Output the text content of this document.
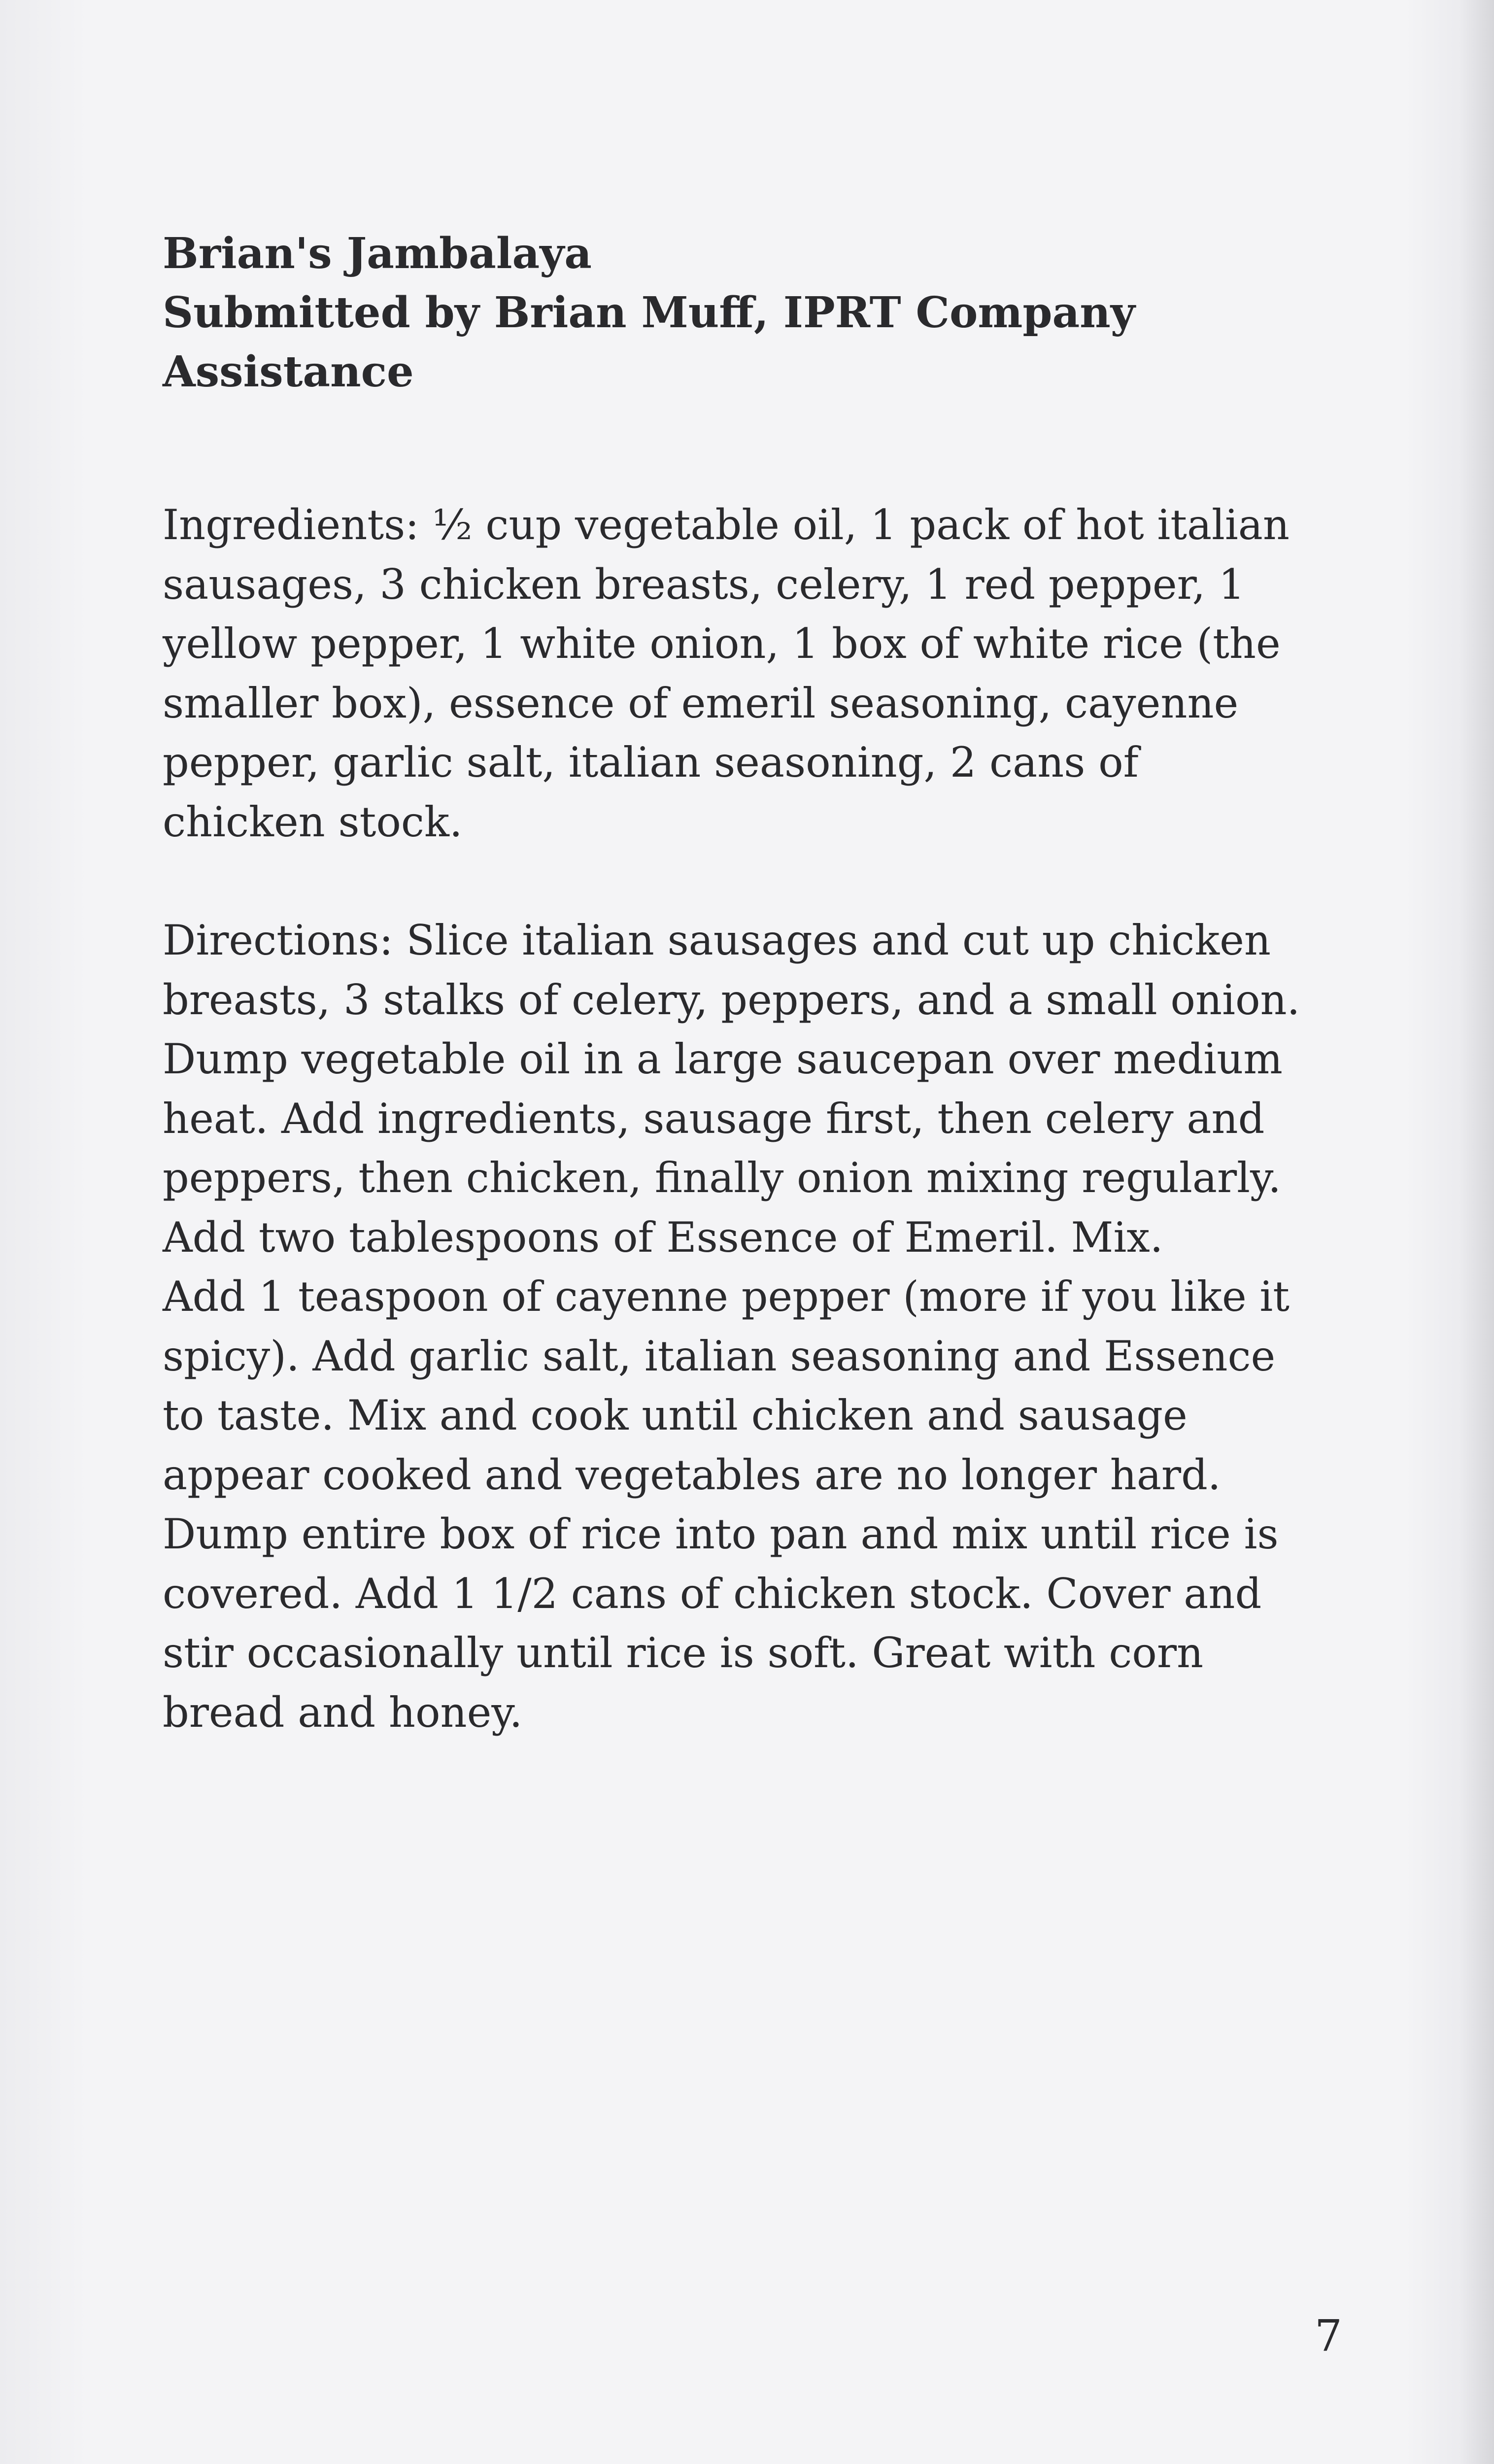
Brian's Jambalaya
Submitted by Brian Muff, IPRT Company
Assistance

Ingredients: ½ cup vegetable oil, 1 pack of hot italian sausages, 3 chicken breasts, celery, 1 red pepper, 1 yellow pepper, 1 white onion, 1 box of white rice (the smaller box), essence of emeril seasoning, cayenne pepper, garlic salt, italian seasoning, 2 cans of chicken stock.

Directions: Slice italian sausages and cut up chicken breasts, 3 stalks of celery, peppers, and a small onion. Dump vegetable oil in a large saucepan over medium heat. Add ingredients, sausage first, then celery and peppers, then chicken, finally onion mixing regularly. Add two tablespoons of Essence of Emeril. Mix.

Add 1 teaspoon of cayenne pepper (more if you like it spicy). Add garlic salt, italian seasoning and Essence to taste. Mix and cook until chicken and sausage appear cooked and vegetables are no longer hard. Dump entire box of rice into pan and mix until rice is covered. Add 1 1/2 cans of chicken stock. Cover and stir occasionally until rice is soft. Great with corn bread and honey.

7
